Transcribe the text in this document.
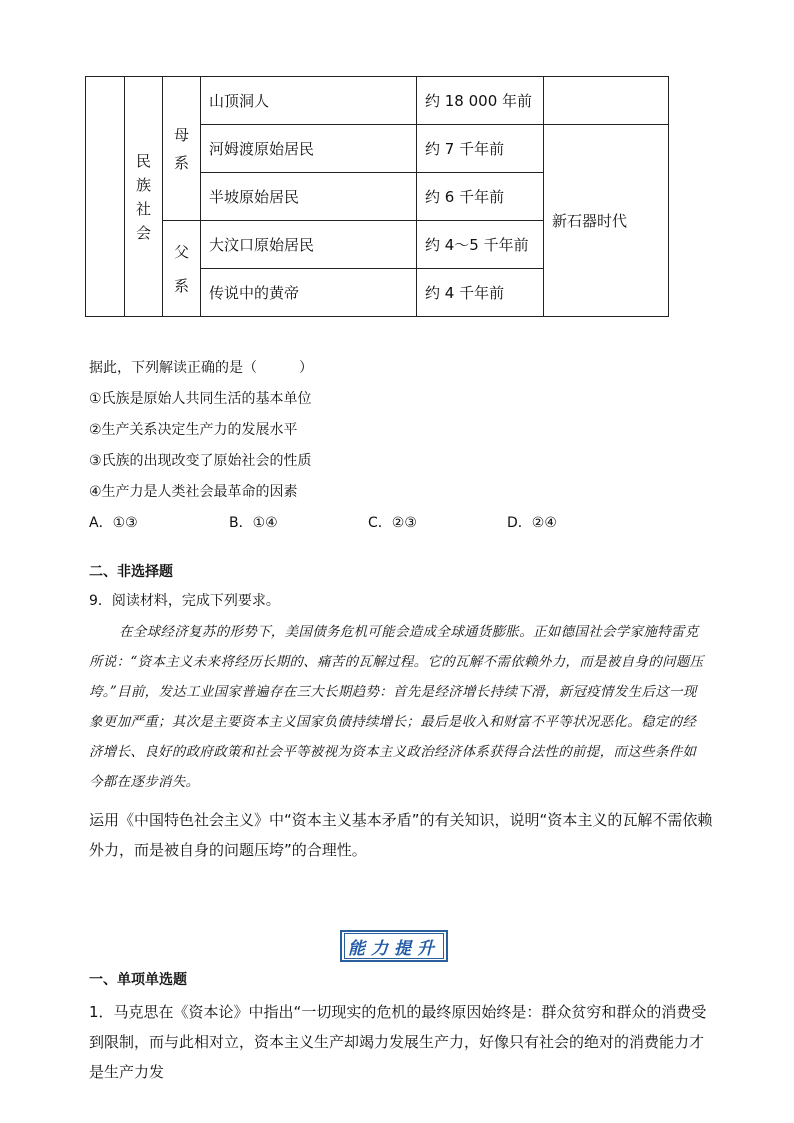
	民族社会	母系	山顶洞人	约 18 000 年前	
			河姆渡原始居民	约 7 千年前	新石器时代
			半坡原始居民	约 6 千年前	

		父系	大汶口原始居民	约 4～5 千年前	
			传说中的黄帝	约 4 千年前	
据此，下列解读正确的是（　　　）
①氏族是原始人共同生活的基本单位
②生产关系决定生产力的发展水平
③氏族的出现改变了原始社会的性质
④生产力是人类社会最革命的因素
A．①③	B．①④	C．②③	D．②④
二、非选择题
9．阅读材料，完成下列要求。
在全球经济复苏的形势下，美国债务危机可能会造成全球通货膨胀。正如德国社会学家施特雷克所说：“资本主义未来将经历长期的、痛苦的瓦解过程。它的瓦解不需依赖外力，而是被自身的问题压垮。”目前，发达工业国家普遍存在三大长期趋势：首先是经济增长持续下滑，新冠疫情发生后这一现象更加严重；其次是主要资本主义国家负债持续增长；最后是收入和财富不平等状况恶化。稳定的经济增长、良好的政府政策和社会平等被视为资本主义政治经济体系获得合法性的前提，而这些条件如今都在逐步消失。
运用《中国特色社会主义》中“资本主义基本矛盾”的有关知识，说明“资本主义的瓦解不需依赖外力，而是被自身的问题压垮”的合理性。
能力提升
一、单项单选题
1．马克思在《资本论》中指出“一切现实的危机的最终原因始终是：群众贫穷和群众的消费受到限制，而与此相对立，资本主义生产却竭力发展生产力，好像只有社会的绝对的消费能力才是生产力发
